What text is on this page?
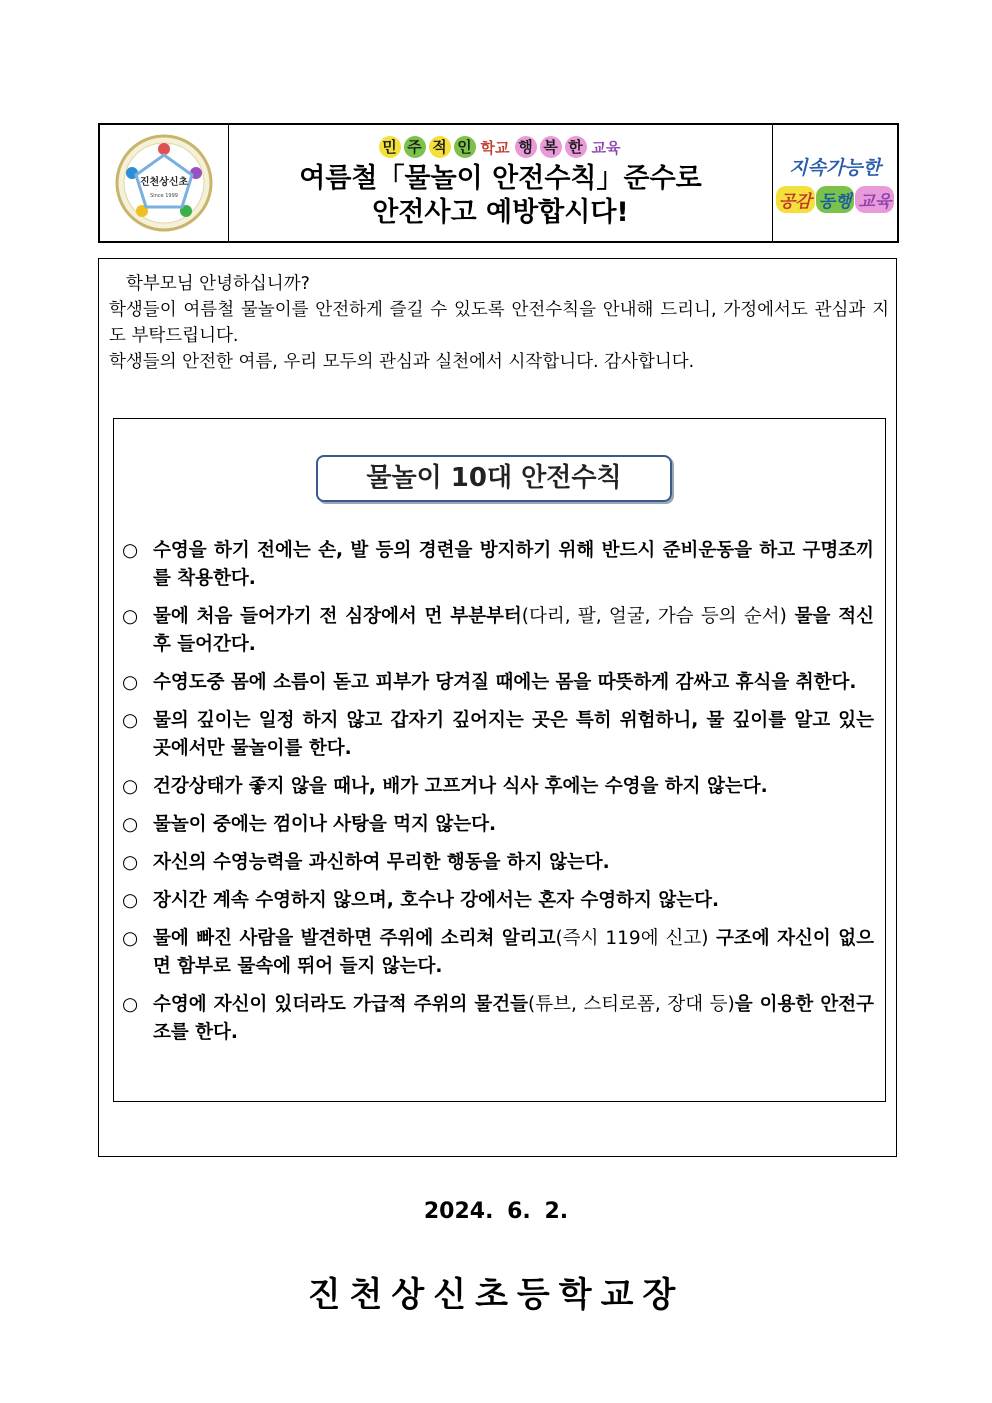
진천상신초
Since 1999
민 주 적 인 학교 행 복 한 교육
여름철「물놀이 안전수칙」준수로
안전사고 예방합시다!
지속가능한
공감 동행 교육

학부모님 안녕하십니까?

학생들이 여름철 물놀이를 안전하게 즐길 수 있도록 안전수칙을 안내해 드리니, 가정에서도 관심과 지도 부탁드립니다.

학생들의 안전한 여름, 우리 모두의 관심과 실천에서 시작합니다. 감사합니다.

물놀이 10대 안전수칙
○ 수영을 하기 전에는 손, 발 등의 경련을 방지하기 위해 반드시 준비운동을 하고 구명조끼를 착용한다.
○ 물에 처음 들어가기 전 심장에서 먼 부분부터(다리, 팔, 얼굴, 가슴 등의 순서) 물을 적신 후 들어간다.
○ 수영도중 몸에 소름이 돋고 피부가 당겨질 때에는 몸을 따뜻하게 감싸고 휴식을 취한다.
○ 물의 깊이는 일정 하지 않고 갑자기 깊어지는 곳은 특히 위험하니, 물 깊이를 알고 있는 곳에서만 물놀이를 한다.
○ 건강상태가 좋지 않을 때나, 배가 고프거나 식사 후에는 수영을 하지 않는다.
○ 물놀이 중에는 껌이나 사탕을 먹지 않는다.
○ 자신의 수영능력을 과신하여 무리한 행동을 하지 않는다.
○ 장시간 계속 수영하지 않으며, 호수나 강에서는 혼자 수영하지 않는다.
○ 물에 빠진 사람을 발견하면 주위에 소리쳐 알리고(즉시 119에 신고) 구조에 자신이 없으면 함부로 물속에 뛰어 들지 않는다.
○ 수영에 자신이 있더라도 가급적 주위의 물건들(튜브, 스티로폼, 장대 등)을 이용한 안전구조를 한다.
2024. 6. 2.
진천상신초등학교장
